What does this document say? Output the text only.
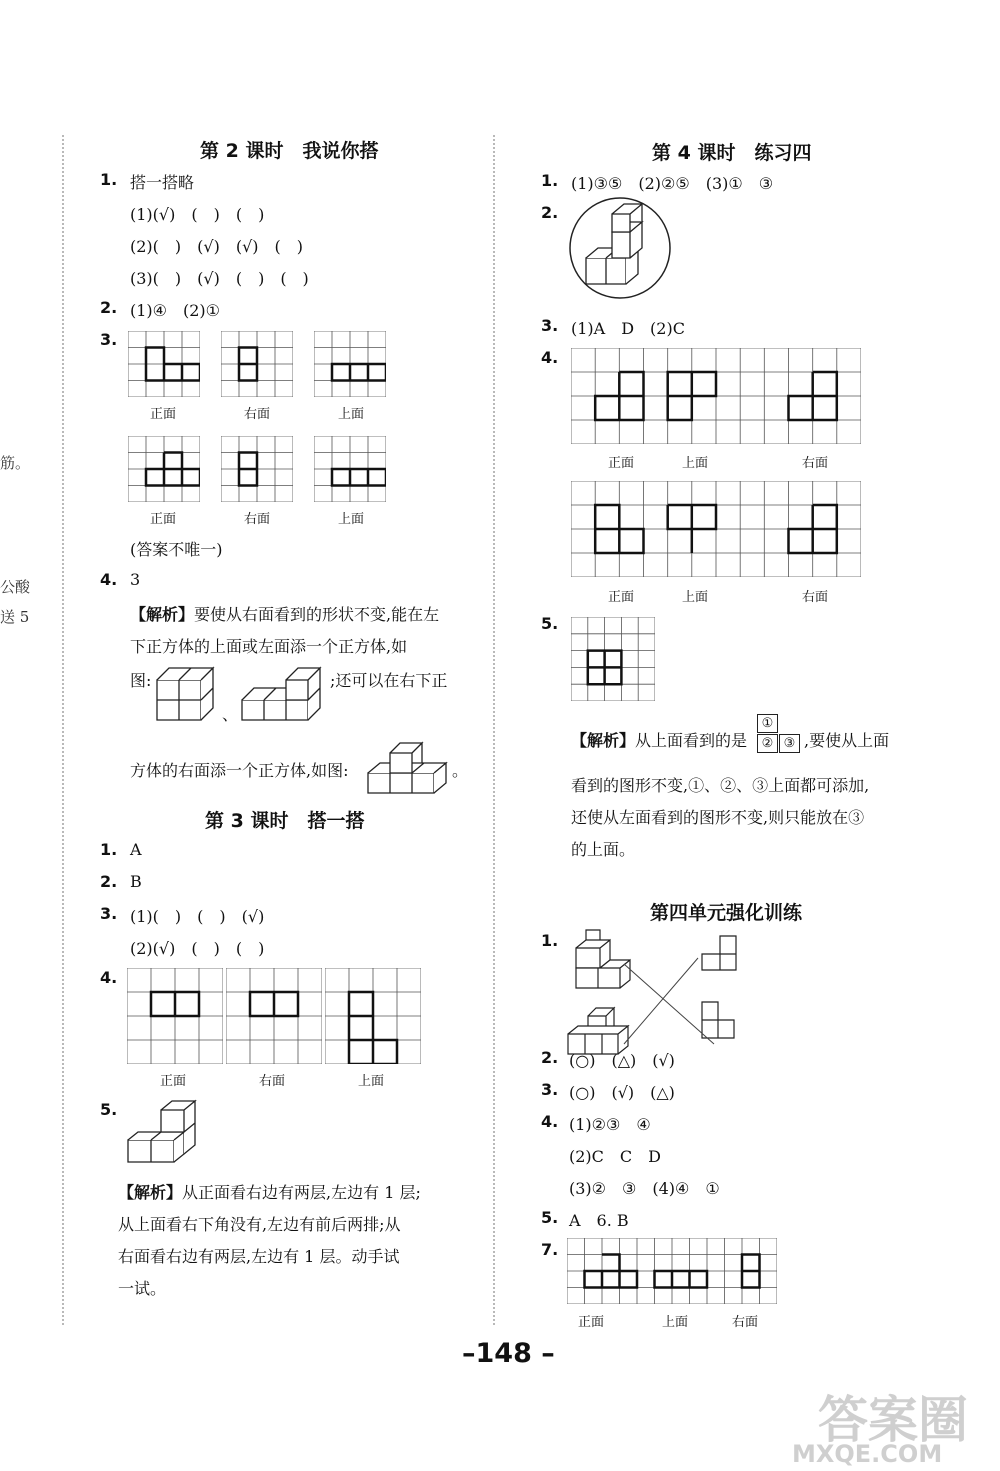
筋。
公酸
送 5
第 2 课时　我说你搭
1. 搭一搭略
(1)(√)　(　)　(　)
(2)(　)　(√)　(√)　(　)
(3)(　)　(√)　(　)　(　)
2. (1)④　(2)①
3.
正面	右面	上面
正面	右面	上面
(答案不唯一)
4. 3
【解析】要使从右面看到的形状不变,能在左
下正方体的上面或左面添一个正方体,如
图:
、
;还可以在右下正
方体的右面添一个正方体,如图:	。
第 3 课时　搭一搭
1. A
2. B
3. (1)(　)　(　)　(√)
(2)(√)　(　)　(　)
4.
正面	右面	上面
5.
【解析】从正面看右边有两层,左边有 1 层;
从上面看右下角没有,左边有前后两排;从
右面看右边有两层,左边有 1 层。动手试
一试。
第 4 课时　练习四
1. (1)③⑤　(2)②⑤　(3)①　③
2.
3. (1)A　D　(2)C
4.
正面	上面	右面
正面	上面	右面
5.
【解析】从上面看到的是
①
② ③ ,要使从上面
看到的图形不变,①、②、③上面都可添加,
还使从左面看到的图形不变,则只能放在③
的上面。
第四单元强化训练
1.
2. (○)　(△)　(√)
3. (○)　(√)　(△)
4. (1)②③　④
(2)C　C　D
(3)②　③　(4)④　①
5. A　6. B
7.
正面	上面	右面
–148 –
答案圈
MXQE.COM
